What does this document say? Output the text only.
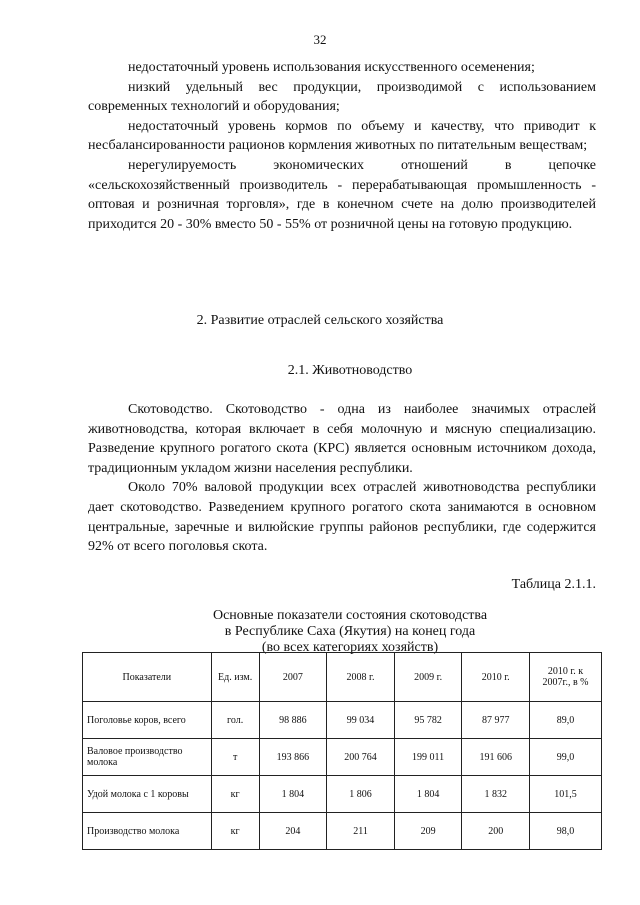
32

недостаточный уровень использования искусственного осеменения;

низкий удельный вес продукции, производимой с использованием современных технологий и оборудования;

недостаточный уровень кормов по объему и качеству, что приводит к несбалансированности рационов кормления животных по питательным веществам;

нерегулируемость экономических отношений в цепочке «сельскохозяйственный производитель - перерабатывающая промышленность - оптовая и розничная торговля», где в конечном счете на долю производителей приходится 20 - 30% вместо 50 - 55% от розничной цены на готовую продукцию.

2. Развитие отраслей сельского хозяйства
2.1. Животноводство

Скотоводство. Скотоводство - одна из наиболее значимых отраслей животноводства, которая включает в себя молочную и мясную специализацию. Разведение крупного рогатого скота (КРС) является основным источником дохода, традиционным укладом жизни населения республики.

Около 70% валовой продукции всех отраслей животноводства республики дает скотоводство. Разведением крупного рогатого скота занимаются в основном центральные, заречные и вилюйские группы районов республики, где содержится 92% от всего поголовья скота.

Таблица 2.1.1.
Основные показатели состояния скотоводства
в Республике Саха (Якутия) на конец года
(во всех категориях хозяйств)
Показатели	Ед. изм.	2007	2008 г.	2009 г.	2010 г.	2010 г. к 2007г., в %
Поголовье коров, всего	гол.	98 886	99 034	95 782	87 977	89,0
Валовое производство молока	т	193 866	200 764	199 011	191 606	99,0
Удой молока с 1 коровы	кг	1 804	1 806	1 804	1 832	101,5
Производство молока	кг	204	211	209	200	98,0
